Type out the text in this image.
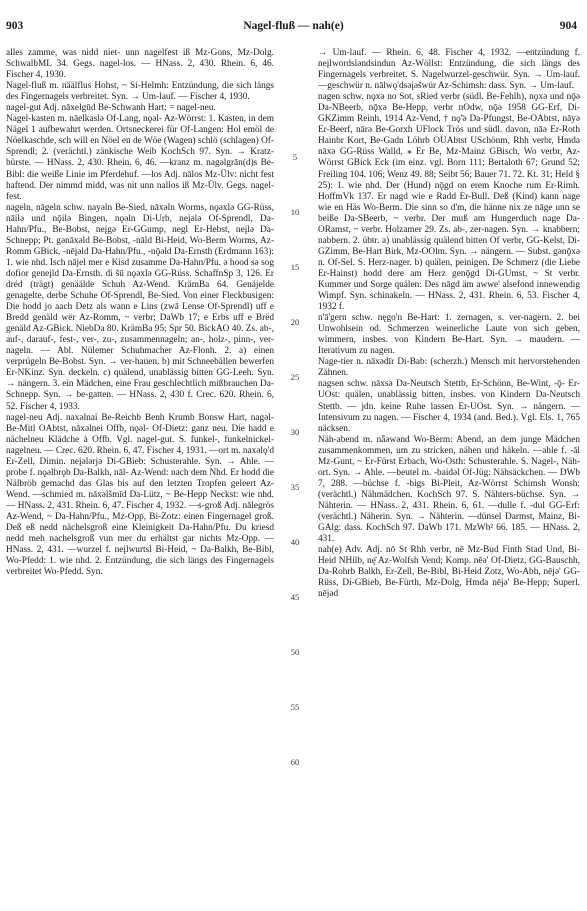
903	Nagel-fluß — nah(e)	904

alles zamme, was nidd niet- unn nagelfest iß Mz-Gons, Mz-Dolg. SchwalbML 34. Gegs. nagel-los. — HNass. 2, 430. Rhein. 6, 46. Fischer 4, 1930.

Nagel-fluß m. näälflus Hohst, ~ Si-Helmh: Entzündung, die sich längs des Fingernagels verbreitet. Syn. → Um-lauf. — Fischer 4, 1930.

nagel-gut Adj. nāxelgūd Be-Schwanh Hart: = nagel-neu.

Nagel-kasten m. nāelkaslə Of-Lang, nǫəl- Az-Wörrst: 1. Kasten, in dem Nägel 1 aufbewahrt werden. Ortsneckerei für Of-Langen: Hol emöl de Nöelkaschde, sch will en Nöel en de Wöe (Wagen) schlö (schlagen) Of-Sprendl; 2. (verächtl.) zänkische Weib KochSch 97. Syn. → Kratz-bürste. — HNass. 2, 430. Rhein. 6, 46. —kranz m. nagəlgrān(d)s Be-Bibl: die weiße Linie im Pferdehuf. —los Adj. nālos Mz-Ülv: nicht fest haftend. Der nimmd midd, was nit unn nallos iß Mz-Ülv. Gegs. nagel-fest.

nageln, nāgeln schw. nayəln Be-Sied, nāxəln Worms, nǫəxlə GG-Rüss, nāilə und nǭilə Bingen, nǫəln Di-Urb, neįələ Of-Sprendl, Da-Hahn/Pfu., Be-Bobst, neįgə Er-GGump, negl Er-Hebst, neįlə Da-Schnepp; Pt. gənāxəld Be-Bobst, -nāld Bi-Heid, Wo-Berm Worms, Az-Romm GBick, -nēįəld Da-Hahn/Pfu., -nǭəld Da-Ernsth (Erdmann 163): 1. wie nhd. Isch nājel mer e Kisd zusamme Da-Hahn/Pfu. ə hood sə sog dofior geneįld Da-Ernsth. di šū nǫəxlə GG-Rüss. SchaffnSp 3, 126. Er dréd (trägt) genäälde Schuh Az-Wend. KrämBa 64. Genäjelde genagelte, derbe Schuhe Of-Sprendl, Be-Sied. Von einer Fleckbusigen: Die hodd jo aach Detz als wann e Lins (zwā Lense Of-Sprendl) uff e Bredd genäld wër Az-Romm, ~ verbr; DaWb 17; e Erbs uff e Brëd genäld Az-GBick. NiebDa 80. KrämBa 95; Spr 50. BickAO 40. Zs. ab-, auf-, darauf-, fest-, ver-, zu-, zusammennageln; an-, holz-, pinn-, ver-nageln. — Abl. Nülemer Schuhmacher Az-Flonh. 2. a) einen verprügeln Be-Bobst. Syn. → ver-hauen. b) mit Schneebällen bewerfen Er-NKinz. Syn. deckeln. c) quälend, unablässig bitten GG-Leeh. Syn. → nängern. 3. ein Mädchen, eine Frau geschlechtlich mißbrauchen Da-Schnepp. Syn. → be-gatten. — HNass. 2, 430 f. Crec. 620. Rhein. 6, 52. Fischer 4, 1933.

nagel-neu Adj. naxəlnai Be-Reichb Benh Krumb Bonsw Hart, nagəl- Be-Mitl OAbtst, nāxəlnei Offb, nǫəl- Of-Dietz: ganz neu. Die hadd e nächelneu Klädche à Offb. Vgl. nagel-gut. S. funkel-, funkelnickel-nagelneu. — Crec. 620. Rhein. 6, 47. Fischer 4, 1931. —ort m. naxəlǫ'd Er-Zell, Dimin. neįələrjə Di-GBieb: Schusterahle. Syn. → Ahle. —probe f. nǫəlbrǫb Da-Balkh, nāl- Az-Wend: nach dem Nhd. Er hodd die Nälbröb gemachd das Glas bis auf den letzten Tropfen geleert Az-Wend. —schmied m. nāxəlšmīd Da-Lütz, ~ Be-Hepp Neckst: wie nhd. — HNass. 2, 431. Rhein. 6, 47. Fischer 4, 1932. —s-groß Adj. nālegrös Az-Wend, ~ Da-Hahn/Pfu., Mz-Opp, Bi-Zotz: einen Fingernagel groß. Deß eß nedd nächelsgroß eine Kleinigkeit Da-Hahn/Pfu. Du kriesd nedd meh nachelsgroß vun mer du erhältst gar nichts Mz-Opp. — HNass. 2, 431. —wurzel f. neįlwurtsl Bi-Heid, ~ Da-Balkh, Be-Bibl, Wo-Pfedd: 1. wie nhd. 2. Entzündung, die sich längs des Fingernagels verbreitet Wo-Pfedd. Syn.

5
10
15
20
25
30
35
40
45
50
55
60

→ Um-lauf. — Rhein. 6, 48. Fischer 4, 1932. —entzündung f. neįlwordsləndsindun Az-Wöllst: Entzündung, die sich längs des Fingernagels verbreitet. S. Nagelwurzel-geschwür. Syn. → Um-lauf. —geschwür n. nālwǫ'dsəįəšwür Az-Schimsh: dass. Syn. → Um-lauf.

nagen schw. nǫxə no Sot, sRied verbr (südl. Be-Fehlh), nǫxə und nǭə Da-NBeerb, nǭxə Be-Hepp, verbr nOdw, nǭə 1958 GG-Erf, Di-GKZimm Reinh, 1914 Az-Vend, † nǫ'̄ə Da-Pfungst, Be-OAbtst, nāyə Er-Beerf, nārə Be-Gorxh UFlock Trös und südl. davon, nāə Er-Roth Hainbr Kort, Be-Gadn Löhrb OUAbtst USchönm, Rhh verbr, Hmda nāxə GG-Rüss Walld, ⁎ Er Be, Mz-Mainz GBisch, Wo verbr, Az-Wörrst GBick Eck (im einz. vgl. Born 111; Bertaloth 67; Grund 52; Freiling 104. 106; Wenz 49. 88; Seibt 56; Bauer 71. 72. Kt. 31; Held § 25): 1. wie nhd. Der (Hund) nǭgd on erem Knoche rum Er-Rimh. HoffmVk 137. Er nagd wie e Radd Er-Bull. Deß (Kind) kann nage wie en Häs Wo-Berm. Die sinn so d'm, die hänne nix ze nāge unn se beiße Da-SBeerb, ~ verbr. Der muß am Hungerduch nage Da-ORamst, ~ verbr. Holzamer 29. Zs. ab-, zer-nagen. Syn. → knabbern; nabbern. 2. übtr. a) unablässig quälend bitten Of verbr, GG-Kelst, Di-GZimm, Be-Hart Birk, Mz-OOlm. Syn. → nängern. — Subst. gənǭxə n. Of-Sel. S. Herz-nager. b) quälen, peinigen. De Schmerz (die Liebe Er-Hainst) hodd dere am Herz genǭgd Di-GUmst, ~ St verbr. Kummer und Sorge quälen: Des nāgd äm awwe' alsefond innewendig Wimpf. Syn. schinakeln. — HNass. 2, 431. Rhein. 6, 53. Fischer 4, 1932 f.

n'ā'gern schw. nęgo'n Be-Hart: 1. zernagen, s. ver-nagern. 2. bei Unwohlsein od. Schmerzen weinerliche Laute von sich geben, wimmern, insbes. von Kindern Be-Hart. Syn. → maudern. — Iterativum zu nagen.

Nage-tier n. nāxədīr Di-Bab: (scherzh.) Mensch mit hervorstehenden Zähnen.

nagsen schw. nāxsə Da-Neutsch Stettb, Er-Schönn, Be-Wint, -ǭ- Er-UOst: quälen, unablässig bitten, insbes. von Kindern Da-Neutsch Stettb. — jdn. keine Ruhe lassen Er-UOst. Syn. → nängern. — Intensivum zu nagen. — Fischer 4, 1934 (and. Bed.). Vgl. Els. 1, 765 näcksen.

Näh-abend m. nǟəwənd Wo-Berm: Abend, an dem junge Mädchen zusammenkommen, um zu stricken, nähen und häkeln. —ahle f. -āl Mz-Gunt, ~ Er-Fürst Erbach, Wo-Osth: Schusterahle. S. Nagel-, Näh-ort. Syn. → Ahle. —beutel m. -baidəl Of-Jüg: Nähsäckchen. — DWb 7, 288. —büchse f. -bigs Bi-Pleit, Az-Wörrst Schimsh Wonsh: (verächtl.) Nähmädchen. KochSch 97. S. Nähters-büchse. Syn. → Nähterin. — HNass. 2, 431. Rhein. 6, 61. —dulle f. -dul GG-Erf: (verächtl.) Näherin. Syn. → Nähterin. —dünsel Darmst, Mainz, Bi-GAlg: dass. KochSch 97. DaWb 171. MzWb² 66. 185. — HNass. 2, 431.

nah(e) Adv. Adj. nō St Rhh verbr, nē Mz-Bud Finth Stad Und, Bi-Heid NHilb, nę̄ Az-Wolfsh Vend; Komp. nēə' Of-Dietz, GG-Bauschh, Da-Rohrb Balkh, Er-Zell, Be-Bibl, Bi-Heid Zotz, Wo-Abh, nējə' GG-Rüss, Di-GBieb, Be-Fürth, Mz-Dolg, Hmda nējə' Be-Hepp; Superl. nējəd
